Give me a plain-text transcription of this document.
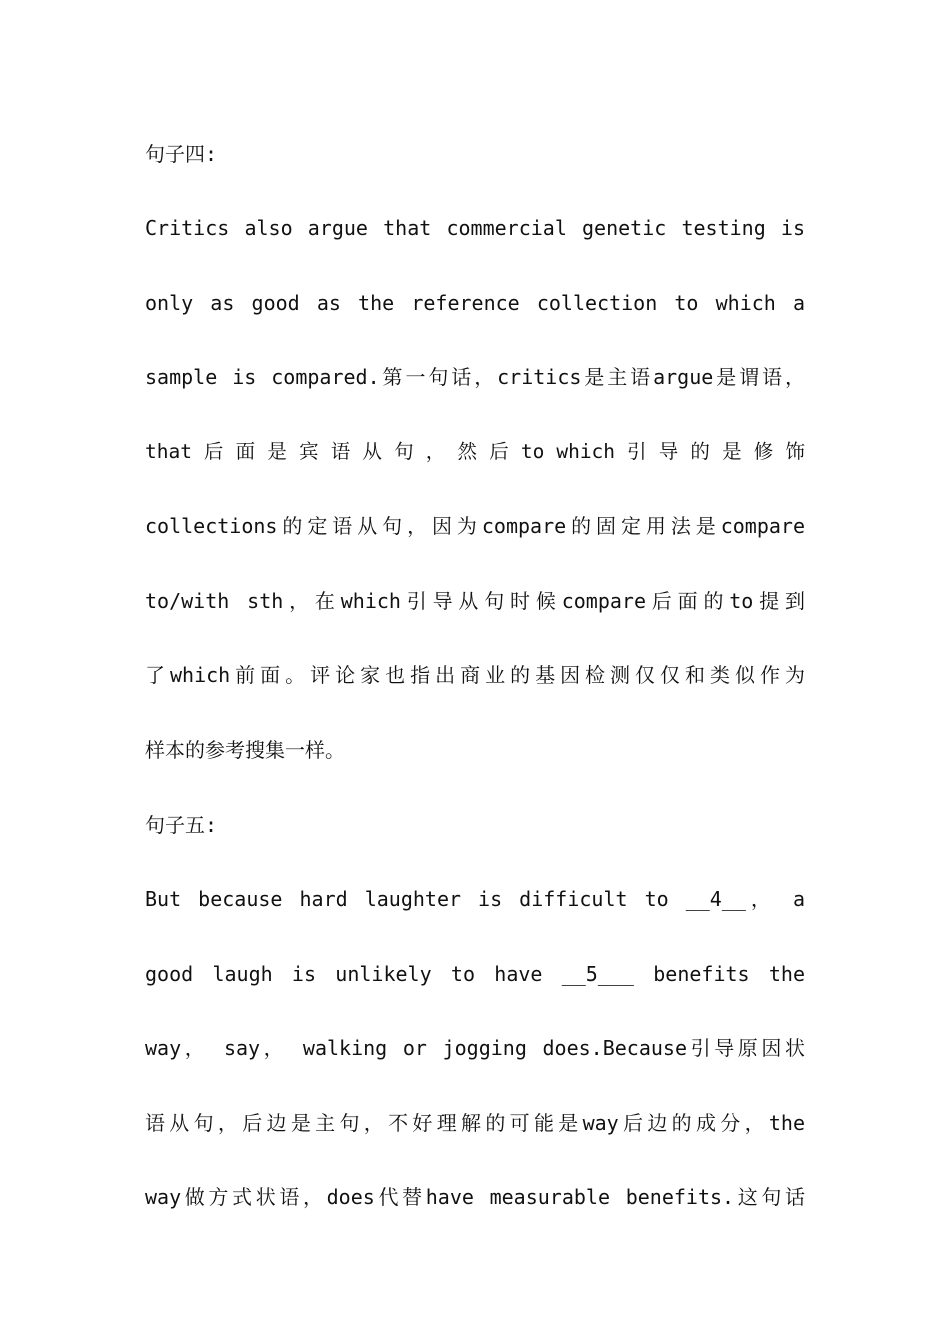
句子四:
Critics also argue that commercial genetic testing is
only as good as the reference collection to which a
sample is compared.第一句话，critics是主语argue是谓语，
that 后 面 是 宾 语 从 句 ， 然 后 to which 引 导 的 是 修 饰
collections的定语从句，因为compare的固定用法是compare
to/with sth，在which引导从句时候compare后面的to提到
了which前面。评论家也指出商业的基因检测仅仅和类似作为
样本的参考搜集一样。
句子五:
But because hard laughter is difficult to __4__， a
good laugh is unlikely to have __5___ benefits the
way， say， walking or jogging does.Because引导原因状
语从句，后边是主句，不好理解的可能是way后边的成分，the
way做方式状语，does代替have measurable benefits.这句话
